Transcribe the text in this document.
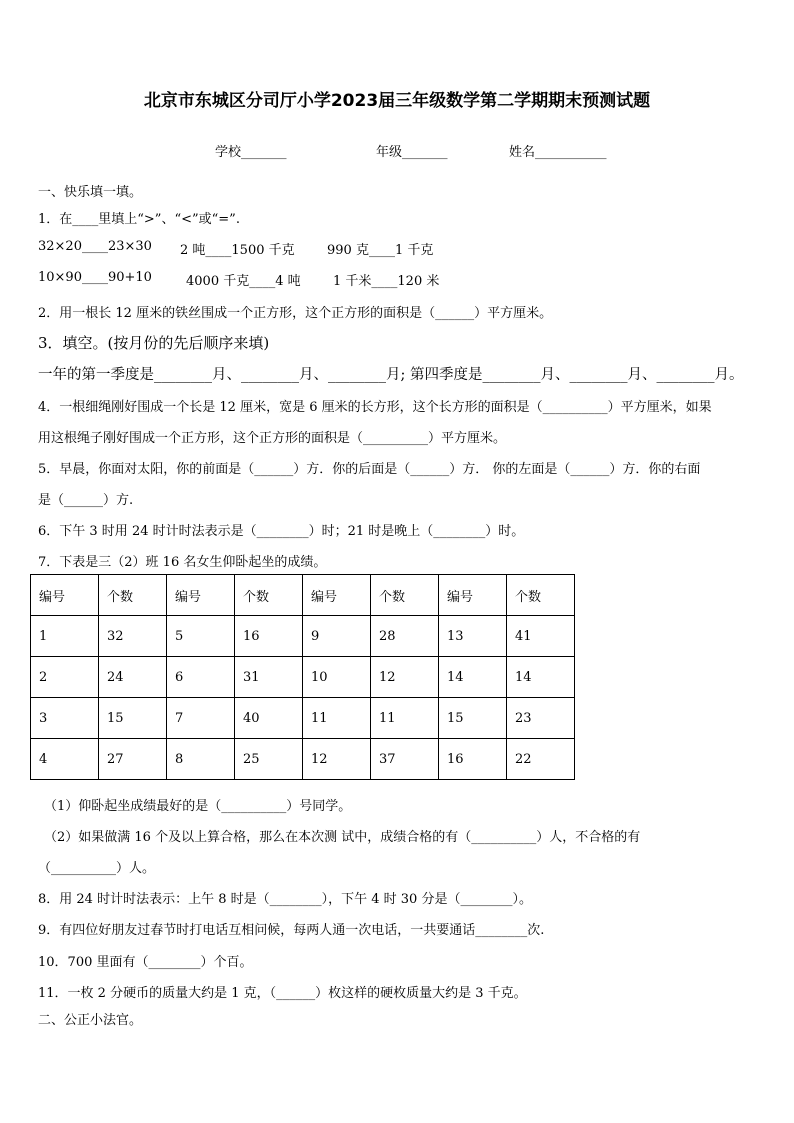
北京市东城区分司厅小学2023届三年级数学第二学期期末预测试题
学校_______	年级_______	姓名___________
一、快乐填一填。
1．在____里填上“>”、“<”或“=”.
32×20____23×30 2 吨____1500 千克 990 克____1 千克
10×90____90+10	4000 千克____4 吨 1 千米____120 米
2．用一根长 12 厘米的铁丝围成一个正方形，这个正方形的面积是（______）平方厘米。
3．填空。(按月份的先后顺序来填)
一年的第一季度是________月、________月、________月; 第四季度是________月、________月、________月。
4．一根细绳刚好围成一个长是 12 厘米，宽是 6 厘米的长方形，这个长方形的面积是（__________）平方厘米，如果
用这根绳子刚好围成一个正方形，这个正方形的面积是（__________）平方厘米。
5．早晨，你面对太阳，你的前面是（______）方．你的后面是（______）方． 你的左面是（______）方．你的右面
是（______）方.
6．下午 3 时用 24 时计时法表示是（________）时；21 时是晚上（________）时。
7．下表是三（2）班 16 名女生仰卧起坐的成绩。
编号	个数	编号	个数	编号	个数	编号	个数
1	32	5	16	9	28	13	41
2	24	6	31	10	12	14	14
3	15	7	40	11	11	15	23
4	27	8	25	12	37	16	22
（1）仰卧起坐成绩最好的是（__________）号同学。
（2）如果做满 16 个及以上算合格，那么在本次测 试中，成绩合格的有（__________）人，不合格的有
（__________）人。
8．用 24 时计时法表示：上午 8 时是（________），下午 4 时 30 分是（________）。
9．有四位好朋友过春节时打电话互相问候，每两人通一次电话，一共要通话________次.
10．700 里面有（________）个百。
11．一枚 2 分硬币的质量大约是 1 克，（______）枚这样的硬枚质量大约是 3 千克。
二、公正小法官。
